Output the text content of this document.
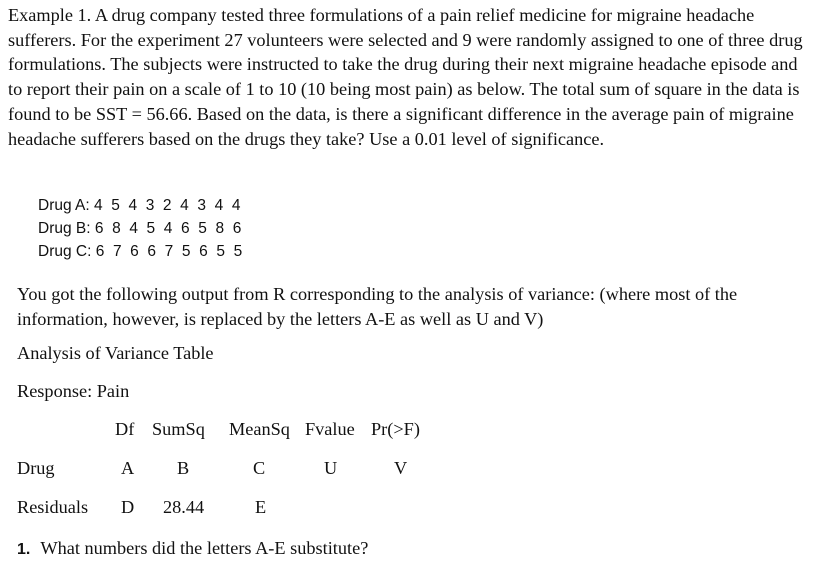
Example 1. A drug company tested three formulations of a pain relief medicine for migraine headache sufferers. For the experiment 27 volunteers were selected and 9 were randomly assigned to one of three drug formulations. The subjects were instructed to take the drug during their next migraine headache episode and to report their pain on a scale of 1 to 10 (10 being most pain) as below. The total sum of square in the data is found to be SST = 56.66. Based on the data, is there a significant difference in the average pain of migraine headache sufferers based on the drugs they take? Use a 0.01 level of significance.

Drug A: 4  5  4  3  2  4  3  4  4
Drug B: 6  8  4  5  4  6  5  8  6
Drug C: 6  7  6  6  7  5  6  5  5

You got the following output from R corresponding to the analysis of variance: (where most of the information, however, is replaced by the letters A-E as well as U and V)

Analysis of Variance Table

Response: Pain

Df SumSq MeanSq Fvalue Pr(>F)
Drug	A B	C	U	V
Residuals D 28.44	E

1. What numbers did the letters A-E substitute?
